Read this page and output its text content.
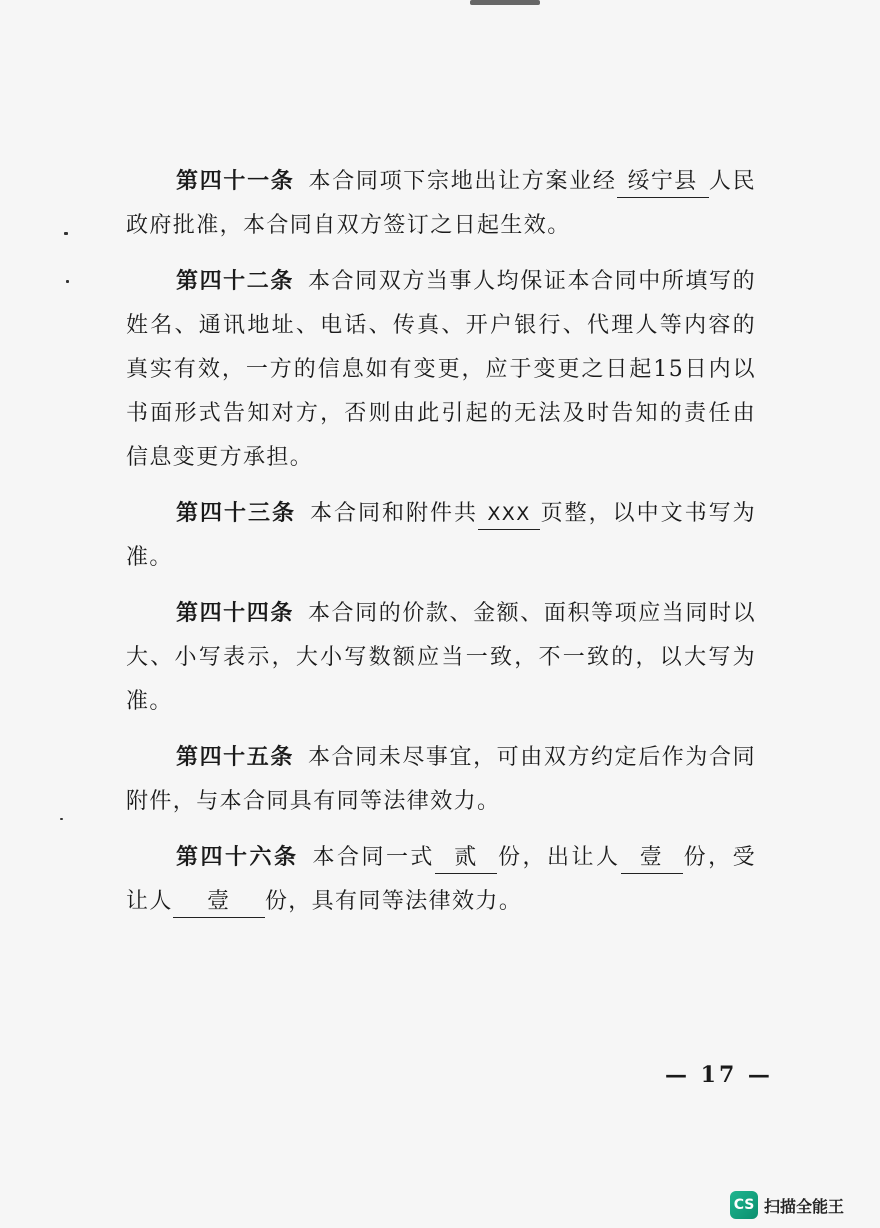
第四十一条 本合同项下宗地出让方案业经 绥宁县 人民政府批准，本合同自双方签订之日起生效。

第四十二条 本合同双方当事人均保证本合同中所填写的姓名、通讯地址、电话、传真、开户银行、代理人等内容的真实有效，一方的信息如有变更，应于变更之日起15日内以书面形式告知对方，否则由此引起的无法及时告知的责任由信息变更方承担。

第四十三条 本合同和附件共 XXX 页整，以中文书写为准。

第四十四条 本合同的价款、金额、面积等项应当同时以大、小写表示，大小写数额应当一致，不一致的，以大写为准。

第四十五条 本合同未尽事宜，可由双方约定后作为合同附件，与本合同具有同等法律效力。

第四十六条 本合同一式 贰 份，出让人 壹 份，受让人 壹 份，具有同等法律效力。

— 17 —
CS 扫描全能王
